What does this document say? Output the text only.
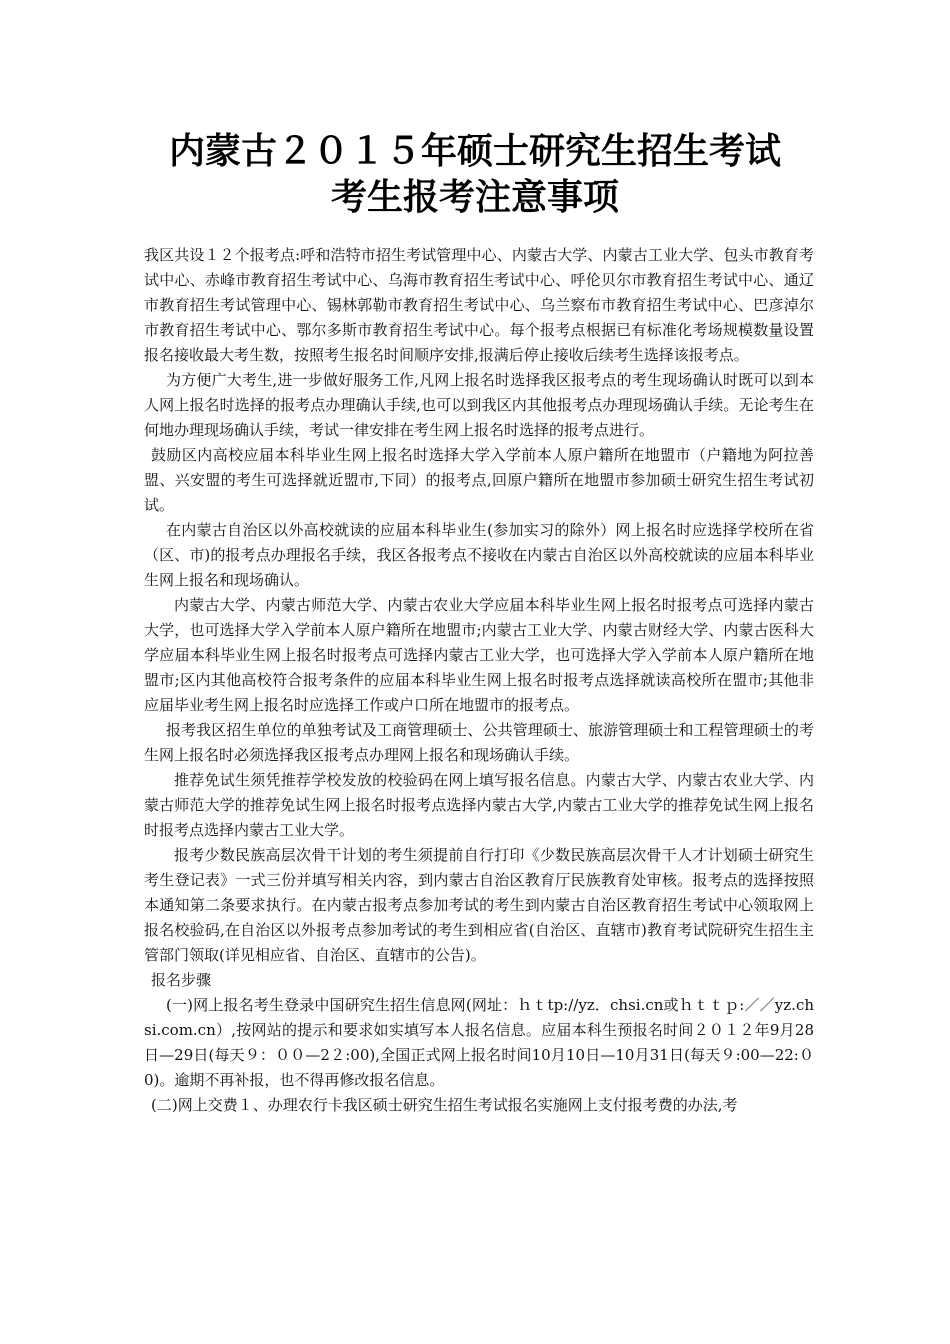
内蒙古２０１５年硕士研究生招生考试
考生报考注意事项

我区共设１２个报考点:呼和浩特市招生考试管理中心、内蒙古大学、内蒙古工业大学、包头市教育考试中心、赤峰市教育招生考试中心、乌海市教育招生考试中心、呼伦贝尔市教育招生考试中心、通辽市教育招生考试管理中心、锡林郭勒市教育招生考试中心、乌兰察布市教育招生考试中心、巴彦淖尔市教育招生考试中心、鄂尔多斯市教育招生考试中心。每个报考点根据已有标准化考场规模数量设置报名接收最大考生数，按照考生报名时间顺序安排,报满后停止接收后续考生选择该报考点。

为方便广大考生,进一步做好服务工作,凡网上报名时选择我区报考点的考生现场确认时既可以到本人网上报名时选择的报考点办理确认手续,也可以到我区内其他报考点办理现场确认手续。无论考生在何地办理现场确认手续，考试一律安排在考生网上报名时选择的报考点进行。

鼓励区内高校应届本科毕业生网上报名时选择大学入学前本人原户籍所在地盟市（户籍地为阿拉善盟、兴安盟的考生可选择就近盟市,下同）的报考点,回原户籍所在地盟市参加硕士研究生招生考试初试。

在内蒙古自治区以外高校就读的应届本科毕业生(参加实习的除外）网上报名时应选择学校所在省（区、市)的报考点办理报名手续，我区各报考点不接收在内蒙古自治区以外高校就读的应届本科毕业生网上报名和现场确认。

内蒙古大学、内蒙古师范大学、内蒙古农业大学应届本科毕业生网上报名时报考点可选择内蒙古大学，也可选择大学入学前本人原户籍所在地盟市;内蒙古工业大学、内蒙古财经大学、内蒙古医科大学应届本科毕业生网上报名时报考点可选择内蒙古工业大学，也可选择大学入学前本人原户籍所在地盟市;区内其他高校符合报考条件的应届本科毕业生网上报名时报考点选择就读高校所在盟市;其他非应届毕业考生网上报名时应选择工作或户口所在地盟市的报考点。

报考我区招生单位的单独考试及工商管理硕士、公共管理硕士、旅游管理硕士和工程管理硕士的考生网上报名时必须选择我区报考点办理网上报名和现场确认手续。

推荐免试生须凭推荐学校发放的校验码在网上填写报名信息。内蒙古大学、内蒙古农业大学、内蒙古师范大学的推荐免试生网上报名时报考点选择内蒙古大学,内蒙古工业大学的推荐免试生网上报名时报考点选择内蒙古工业大学。

报考少数民族高层次骨干计划的考生须提前自行打印《少数民族高层次骨干人才计划硕士研究生考生登记表》一式三份并填写相关内容，到内蒙古自治区教育厅民族教育处审核。报考点的选择按照本通知第二条要求执行。在内蒙古报考点参加考试的考生到内蒙古自治区教育招生考试中心领取网上报名校验码,在自治区以外报考点参加考试的考生到相应省(自治区、直辖市)教育考试院研究生招生主管部门领取(详见相应省、自治区、直辖市的公告)。

报名步骤

(一)网上报名考生登录中国研究生招生信息网(网址：ｈｔtp://yz．chsi.cn或ｈｔｔｐ:／／yz.chsi.com.cn）,按网站的提示和要求如实填写本人报名信息。应届本科生预报名时间２０１２年9月28日—29日(每天９：００—2２:00),全国正式网上报名时间10月10日—10月31日(每天９:00—22:０0)。逾期不再补报，也不得再修改报名信息。

(二)网上交费１、办理农行卡我区硕士研究生招生考试报名实施网上支付报考费的办法,考
